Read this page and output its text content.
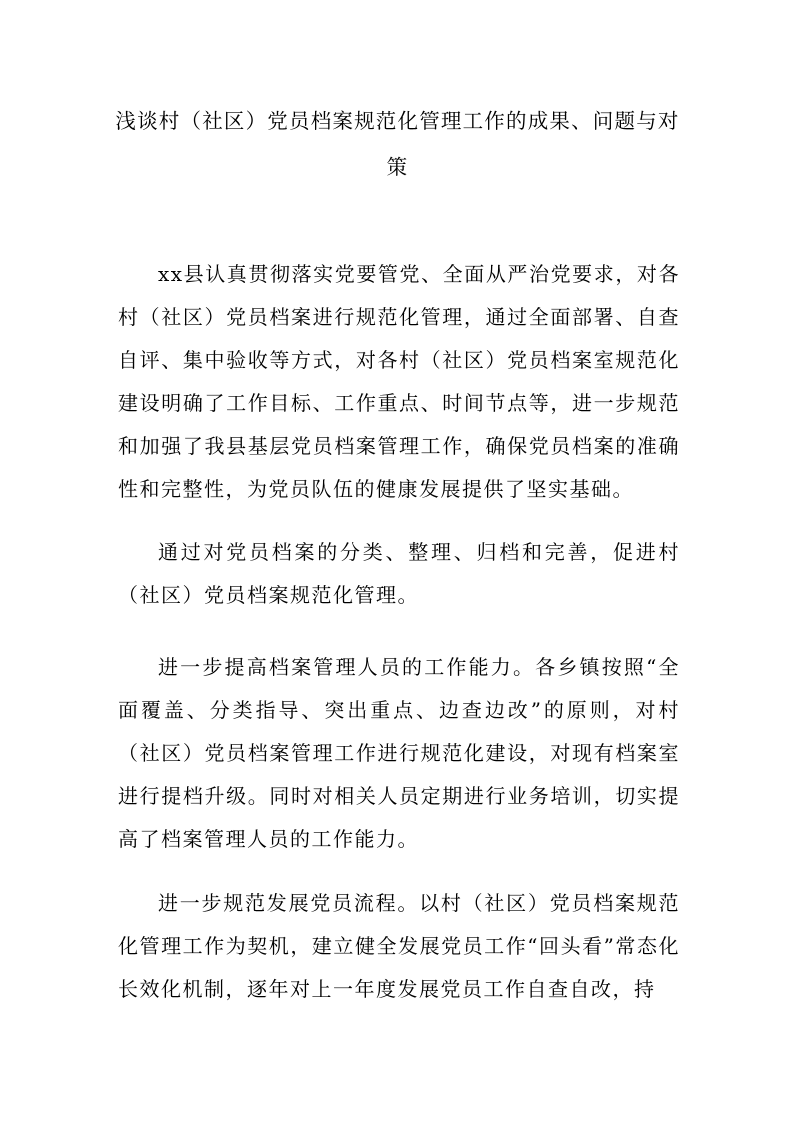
浅谈村（社区）党员档案规范化管理工作的成果、问题与对策

xx县认真贯彻落实党要管党、全面从严治党要求，对各村（社区）党员档案进行规范化管理，通过全面部署、自查自评、集中验收等方式，对各村（社区）党员档案室规范化建设明确了工作目标、工作重点、时间节点等，进一步规范和加强了我县基层党员档案管理工作，确保党员档案的准确性和完整性，为党员队伍的健康发展提供了坚实基础。

通过对党员档案的分类、整理、归档和完善，促进村（社区）党员档案规范化管理。

进一步提高档案管理人员的工作能力。各乡镇按照“全面覆盖、分类指导、突出重点、边查边改”的原则，对村（社区）党员档案管理工作进行规范化建设，对现有档案室进行提档升级。同时对相关人员定期进行业务培训，切实提高了档案管理人员的工作能力。

进一步规范发展党员流程。以村（社区）党员档案规范化管理工作为契机，建立健全发展党员工作“回头看”常态化长效化机制，逐年对上一年度发展党员工作自查自改，持
